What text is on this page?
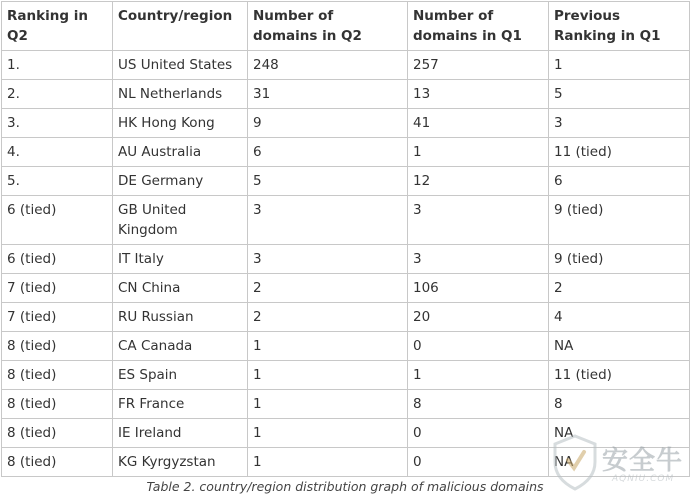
Ranking in Q2	Country/region	Number of domains in Q2	Number of domains in Q1	Previous Ranking in Q1
1.	US United States	248	257	1
2.	NL Netherlands	31	13	5
3.	HK Hong Kong	9	41	3
4.	AU Australia	6	1	11 (tied)
5.	DE Germany	5	12	6
6 (tied)	GB United Kingdom	3	3	9 (tied)
6 (tied)	IT Italy	3	3	9 (tied)
7 (tied)	CN China	2	106	2
7 (tied)	RU Russian	2	20	4
8 (tied)	CA Canada	1	0	NA
8 (tied)	ES Spain	1	1	11 (tied)
8 (tied)	FR France	1	8	8
8 (tied)	IE Ireland	1	0	NA
8 (tied)	KG Kyrgyzstan	1	0	NA
Table 2. country/region distribution graph of malicious domains
安全牛
AQNIU.COM
